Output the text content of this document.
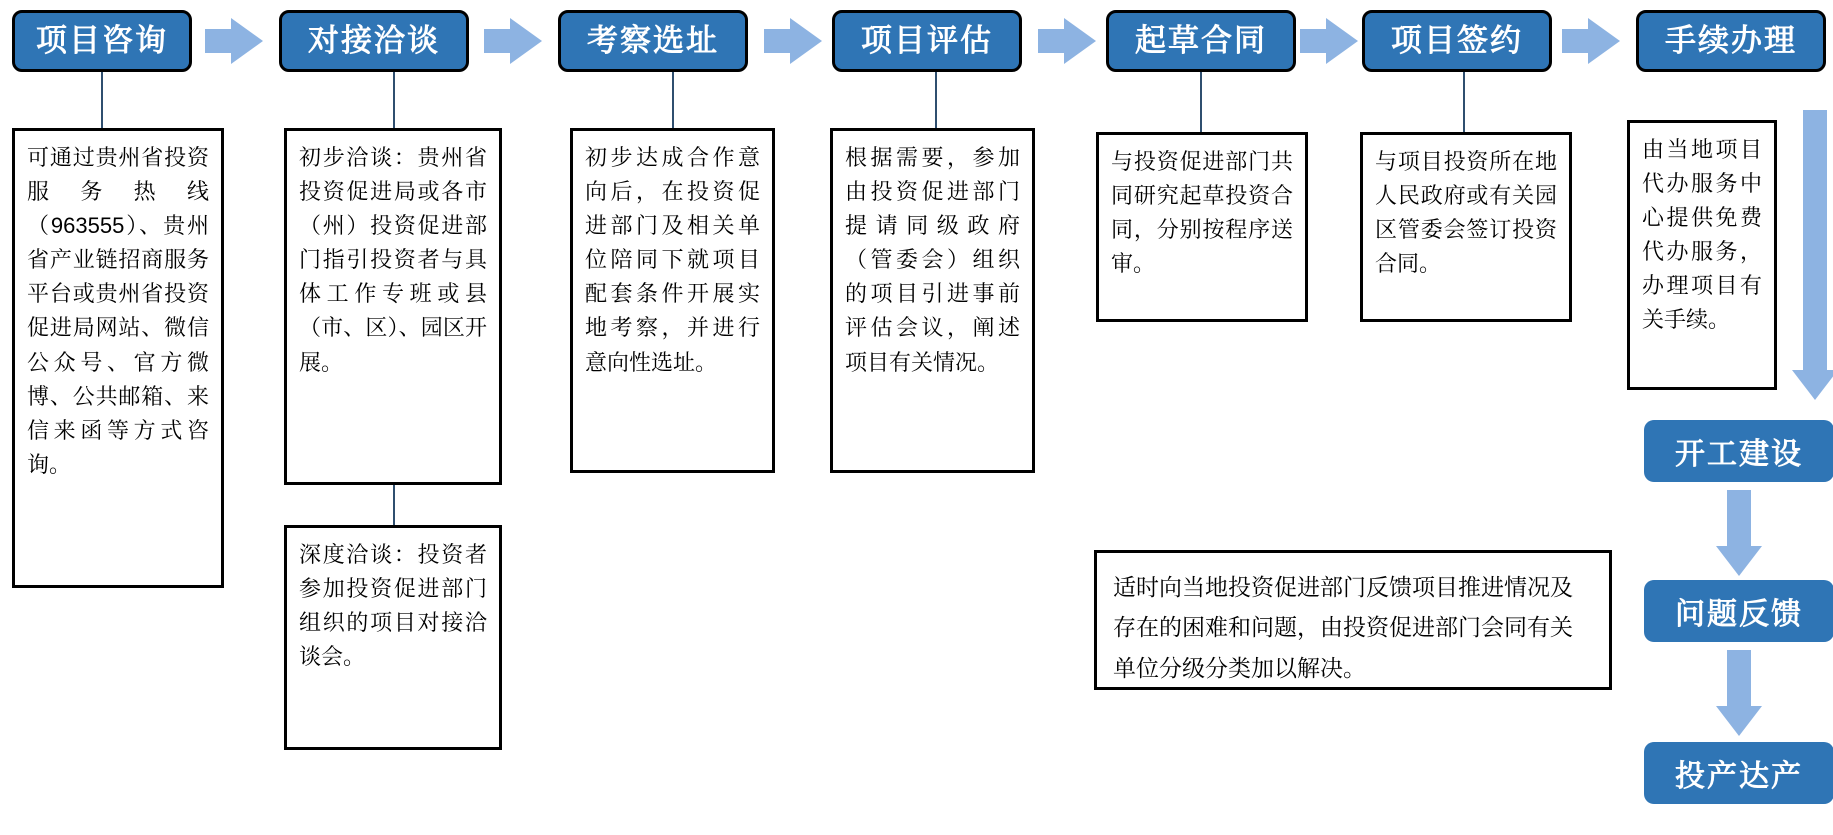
项目咨询	对接洽谈	考察选址	项目评估	起草合同	项目签约	手续办理
可通过贵州省投资服务热线（963555）、贵州省产业链招商服务平台或贵州省投资促进局网站、微信公众号、官方微博、公共邮箱、来信来函等方式咨询。
初步洽谈：贵州省投资促进局或各市（州）投资促进部门指引投资者与具体工作专班或县（市、区）、园区开展。
深度洽谈：投资者参加投资促进部门组织的项目对接洽谈会。
初步达成合作意向后，在投资促进部门及相关单位陪同下就项目配套条件开展实地考察，并进行意向性选址。
根据需要，参加由投资促进部门提请同级政府（管委会）组织的项目引进事前评估会议，阐述项目有关情况。
与投资促进部门共同研究起草投资合同，分别按程序送审。
与项目投资所在地人民政府或有关园区管委会签订投资合同。
由当地项目代办服务中心提供免费代办服务，办理项目有关手续。
适时向当地投资促进部门反馈项目推进情况及存在的困难和问题，由投资促进部门会同有关单位分级分类加以解决。
开工建设
问题反馈
投产达产
